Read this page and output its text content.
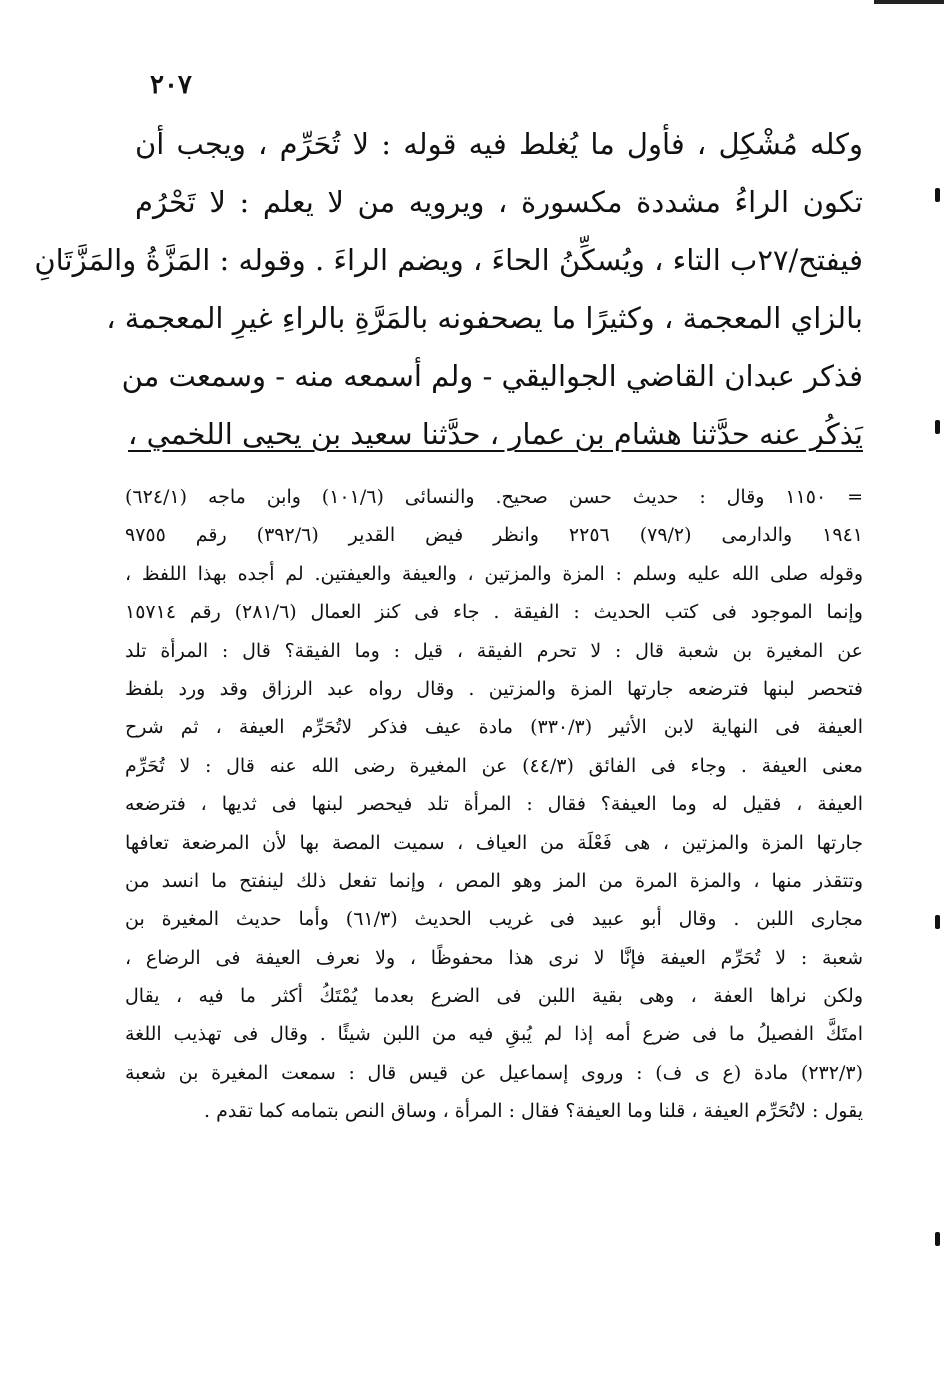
٢٠٧
وكله مُشْكِل ، فأول ما يُغلط فيه قوله : لا تُحَرِّم ، ويجب أن
تكون الراءُ مشددة مكسورة ، ويرويه من لا يعلم : لا تَحْرُم
فيفتح/٢٧ب التاء ، ويُسكِّنُ الحاءَ ، ويضم الراءَ . وقوله : المَزَّةُ والمَزَّتَانِ
بالزاي المعجمة ، وكثيرًا ما يصحفونه بالمَرَّةِ بالراءِ غيرِ المعجمة ،
فذكر عبدان القاضي الجواليقي - ولم أسمعه منه - وسمعت من
يَذكُر عنه حدَّثنا هشام بن عمار ، حدَّثنا سعيد بن يحيى اللخمي ،
= ١١٥٠ وقال : حديث حسن صحيح. والنسائى (١٠١/٦) وابن ماجه (٦٢٤/١)
١٩٤١ والدارمى (٧٩/٢) ٢٢٥٦ وانظر فيض القدير (٣٩٢/٦) رقم ٩٧٥٥
وقوله صلى الله عليه وسلم : المزة والمزتين ، والعيفة والعيفتين. لم أجده بهذا اللفظ ،
وإنما الموجود فى كتب الحديث : الفيقة . جاء فى كنز العمال (٢٨١/٦) رقم ١٥٧١٤
عن المغيرة بن شعبة قال : لا تحرم الفيقة ، قيل : وما الفيقة؟ قال : المرأة تلد
فتحصر لبنها فترضعه جارتها المزة والمزتين . وقال رواه عبد الرزاق وقد ورد بلفظ
العيفة فى النهاية لابن الأثير (٣٣٠/٣) مادة عيف فذكر لاتُحَرِّم العيفة ، ثم شرح
معنى العيفة . وجاء فى الفائق (٤٤/٣) عن المغيرة رضى الله عنه قال : لا تُحَرِّم
العيفة ، فقيل له وما العيفة؟ فقال : المرأة تلد فيحصر لبنها فى ثديها ، فترضعه
جارتها المزة والمزتين ، هى فَعْلَة من العياف ، سميت المصة بها لأن المرضعة تعافها
وتتقذر منها ، والمزة المرة من المز وهو المص ، وإنما تفعل ذلك لينفتح ما انسد من
مجارى اللبن . وقال أبو عبيد فى غريب الحديث (٦١/٣) وأما حديث المغيرة بن
شعبة : لا تُحَرِّم العيفة فإنَّا لا نرى هذا محفوظًا ، ولا نعرف العيفة فى الرضاع ،
ولكن نراها العفة ، وهى بقية اللبن فى الضرع بعدما يُمْتَكُ أكثر ما فيه ، يقال
امتَكَّ الفصيلُ ما فى ضرع أمه إذا لم يُبقِ فيه من اللبن شيئًا . وقال فى تهذيب اللغة
(٢٣٢/٣) مادة (ع ى ف) : وروى إسماعيل عن قيس قال : سمعت المغيرة بن شعبة
يقول : لاتُحَرِّم العيفة ، قلنا وما العيفة؟ فقال : المرأة ، وساق النص بتمامه كما تقدم .
